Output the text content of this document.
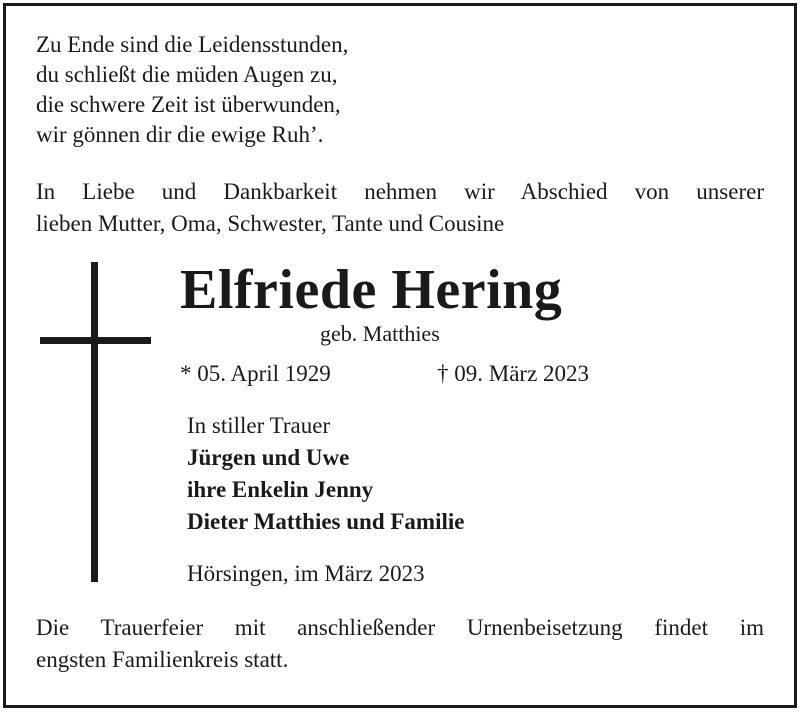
Zu Ende sind die Leidensstunden,
du schließt die müden Augen zu,
die schwere Zeit ist überwunden,
wir gönnen dir die ewige Ruh’.
In Liebe und Dankbarkeit nehmen wir Abschied von unserer
lieben Mutter, Oma, Schwester, Tante und Cousine
Elfriede Hering
geb. Matthies
* 05. April 1929	† 09. März 2023
In stiller Trauer
Jürgen und Uwe
ihre Enkelin Jenny
Dieter Matthies und Familie
Hörsingen, im März 2023
Die Trauerfeier mit anschließender Urnenbeisetzung findet im
engsten Familienkreis statt.
